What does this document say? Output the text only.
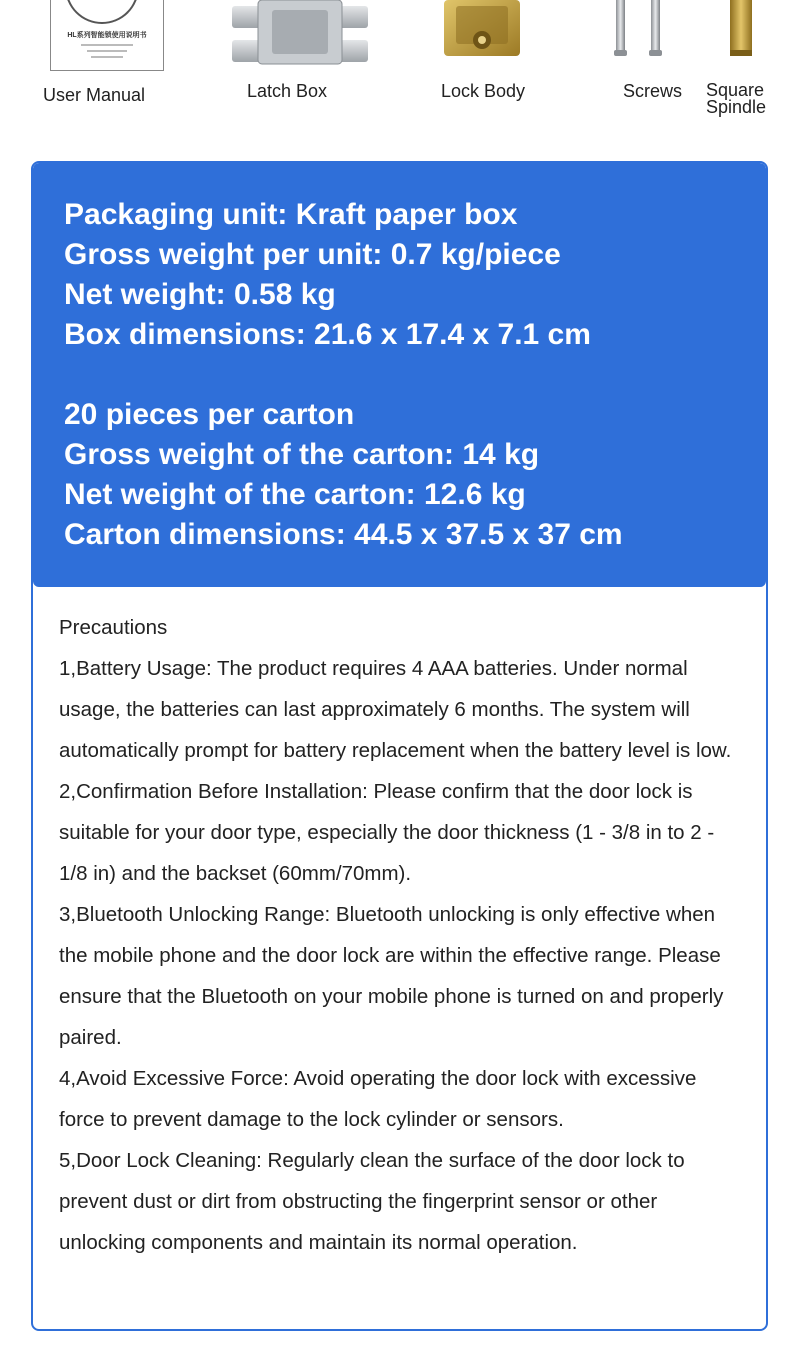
HL系列智能锁使用说明书
User Manual	Latch Box	Lock Body	Screws Square Spindle
Packaging unit: Kraft paper box
Gross weight per unit: 0.7 kg/piece
Net weight: 0.58 kg
Box dimensions: 21.6 x 17.4 x 7.1 cm
20 pieces per carton
Gross weight of the carton: 14 kg
Net weight of the carton: 12.6 kg
Carton dimensions: 44.5 x 37.5 x 37 cm

Precautions

1,Battery Usage: The product requires 4 AAA batteries. Under normal usage, the batteries can last approximately 6 months. The system will automatically prompt for battery replacement when the battery level is low.

2,Confirmation Before Installation: Please confirm that the door lock is suitable for your door type, especially the door thickness (1 - 3/8 in to 2 - 1/8 in) and the backset (60mm/70mm).

3,Bluetooth Unlocking Range: Bluetooth unlocking is only effective when the mobile phone and the door lock are within the effective range. Please ensure that the Bluetooth on your mobile phone is turned on and properly paired.

4,Avoid Excessive Force: Avoid operating the door lock with excessive force to prevent damage to the lock cylinder or sensors.

5,Door Lock Cleaning: Regularly clean the surface of the door lock to prevent dust or dirt from obstructing the fingerprint sensor or other unlocking components and maintain its normal operation.
